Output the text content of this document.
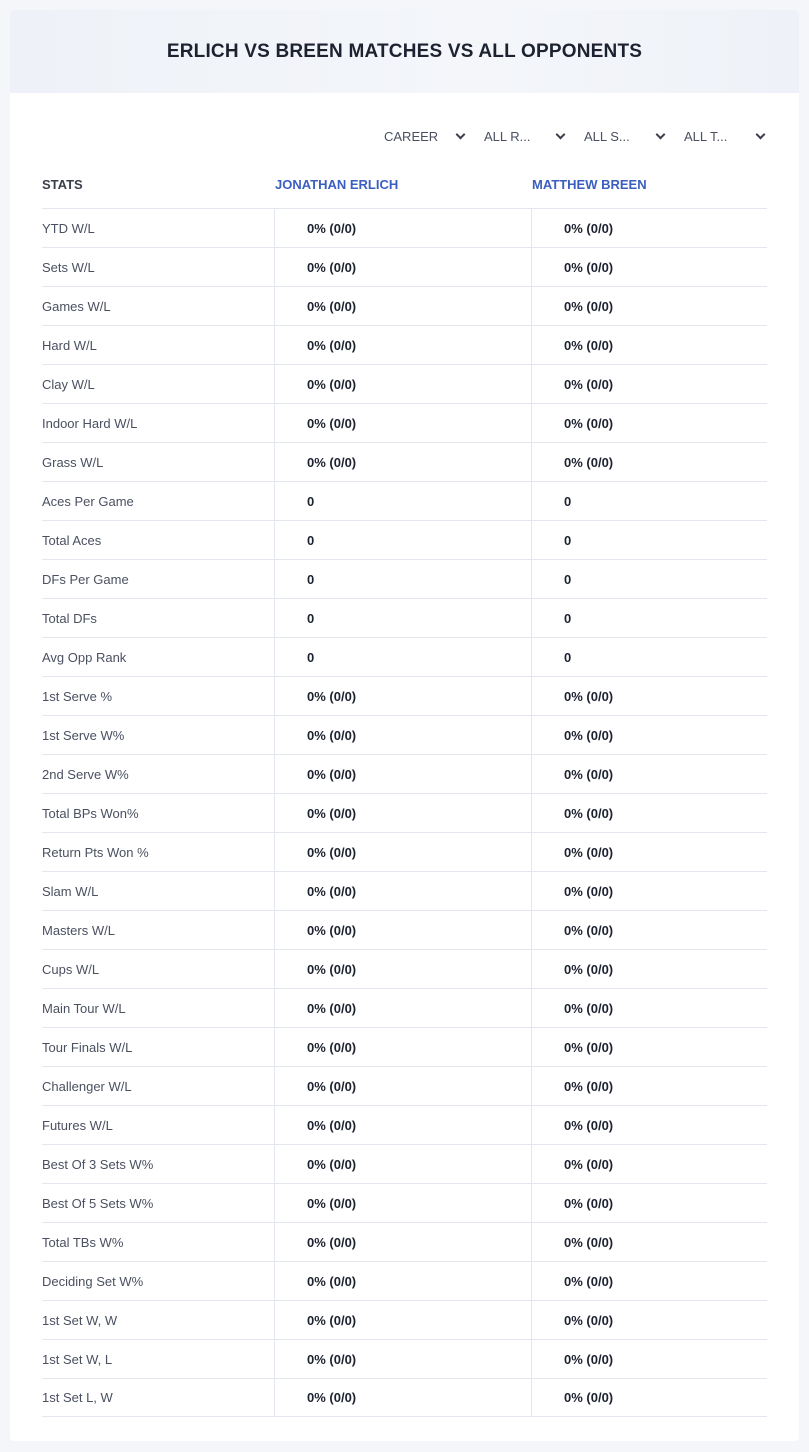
ERLICH VS BREEN MATCHES VS ALL OPPONENTS
CAREER	ALL R...	ALL S...	ALL T...
STATS	JONATHAN ERLICH	MATTHEW BREEN
YTD W/L	0% (0/0)	0% (0/0)
Sets W/L	0% (0/0)	0% (0/0)
Games W/L	0% (0/0)	0% (0/0)
Hard W/L	0% (0/0)	0% (0/0)
Clay W/L	0% (0/0)	0% (0/0)
Indoor Hard W/L	0% (0/0)	0% (0/0)
Grass W/L	0% (0/0)	0% (0/0)
Aces Per Game	0	0
Total Aces	0	0
DFs Per Game	0	0
Total DFs	0	0
Avg Opp Rank	0	0
1st Serve %	0% (0/0)	0% (0/0)
1st Serve W%	0% (0/0)	0% (0/0)
2nd Serve W%	0% (0/0)	0% (0/0)
Total BPs Won%	0% (0/0)	0% (0/0)
Return Pts Won %	0% (0/0)	0% (0/0)
Slam W/L	0% (0/0)	0% (0/0)
Masters W/L	0% (0/0)	0% (0/0)
Cups W/L	0% (0/0)	0% (0/0)
Main Tour W/L	0% (0/0)	0% (0/0)
Tour Finals W/L	0% (0/0)	0% (0/0)
Challenger W/L	0% (0/0)	0% (0/0)
Futures W/L	0% (0/0)	0% (0/0)
Best Of 3 Sets W%	0% (0/0)	0% (0/0)
Best Of 5 Sets W%	0% (0/0)	0% (0/0)
Total TBs W%	0% (0/0)	0% (0/0)
Deciding Set W%	0% (0/0)	0% (0/0)
1st Set W, W	0% (0/0)	0% (0/0)
1st Set W, L	0% (0/0)	0% (0/0)
1st Set L, W	0% (0/0)	0% (0/0)
